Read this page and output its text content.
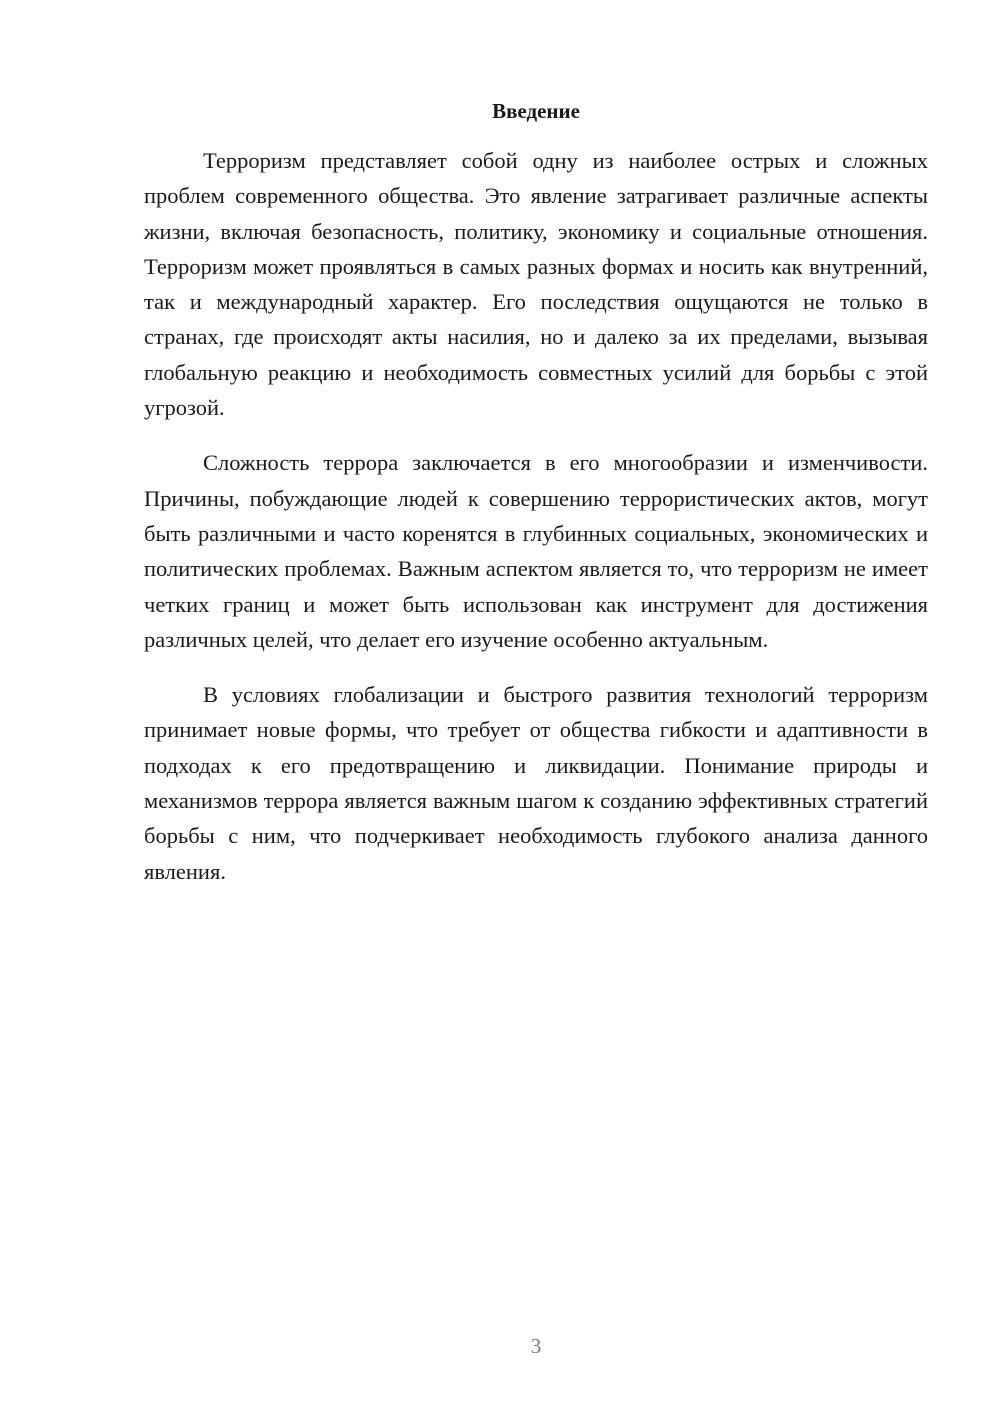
Введение

Терроризм представляет собой одну из наиболее острых и сложных проблем современного общества. Это явление затрагивает различные аспекты жизни, включая безопасность, политику, экономику и социальные отношения. Терроризм может проявляться в самых разных формах и носить как внутренний, так и международный характер. Его последствия ощущаются не только в странах, где происходят акты насилия, но и далеко за их пределами, вызывая глобальную реакцию и необходимость совместных усилий для борьбы с этой угрозой.

Сложность террора заключается в его многообразии и изменчивости. Причины, побуждающие людей к совершению террористических актов, могут быть различными и часто коренятся в глубинных социальных, экономических и политических проблемах. Важным аспектом является то, что терроризм не имеет четких границ и может быть использован как инструмент для достижения различных целей, что делает его изучение особенно актуальным.

В условиях глобализации и быстрого развития технологий терроризм принимает новые формы, что требует от общества гибкости и адаптивности в подходах к его предотвращению и ликвидации. Понимание природы и механизмов террора является важным шагом к созданию эффективных стратегий борьбы с ним, что подчеркивает необходимость глубокого анализа данного явления.

3
